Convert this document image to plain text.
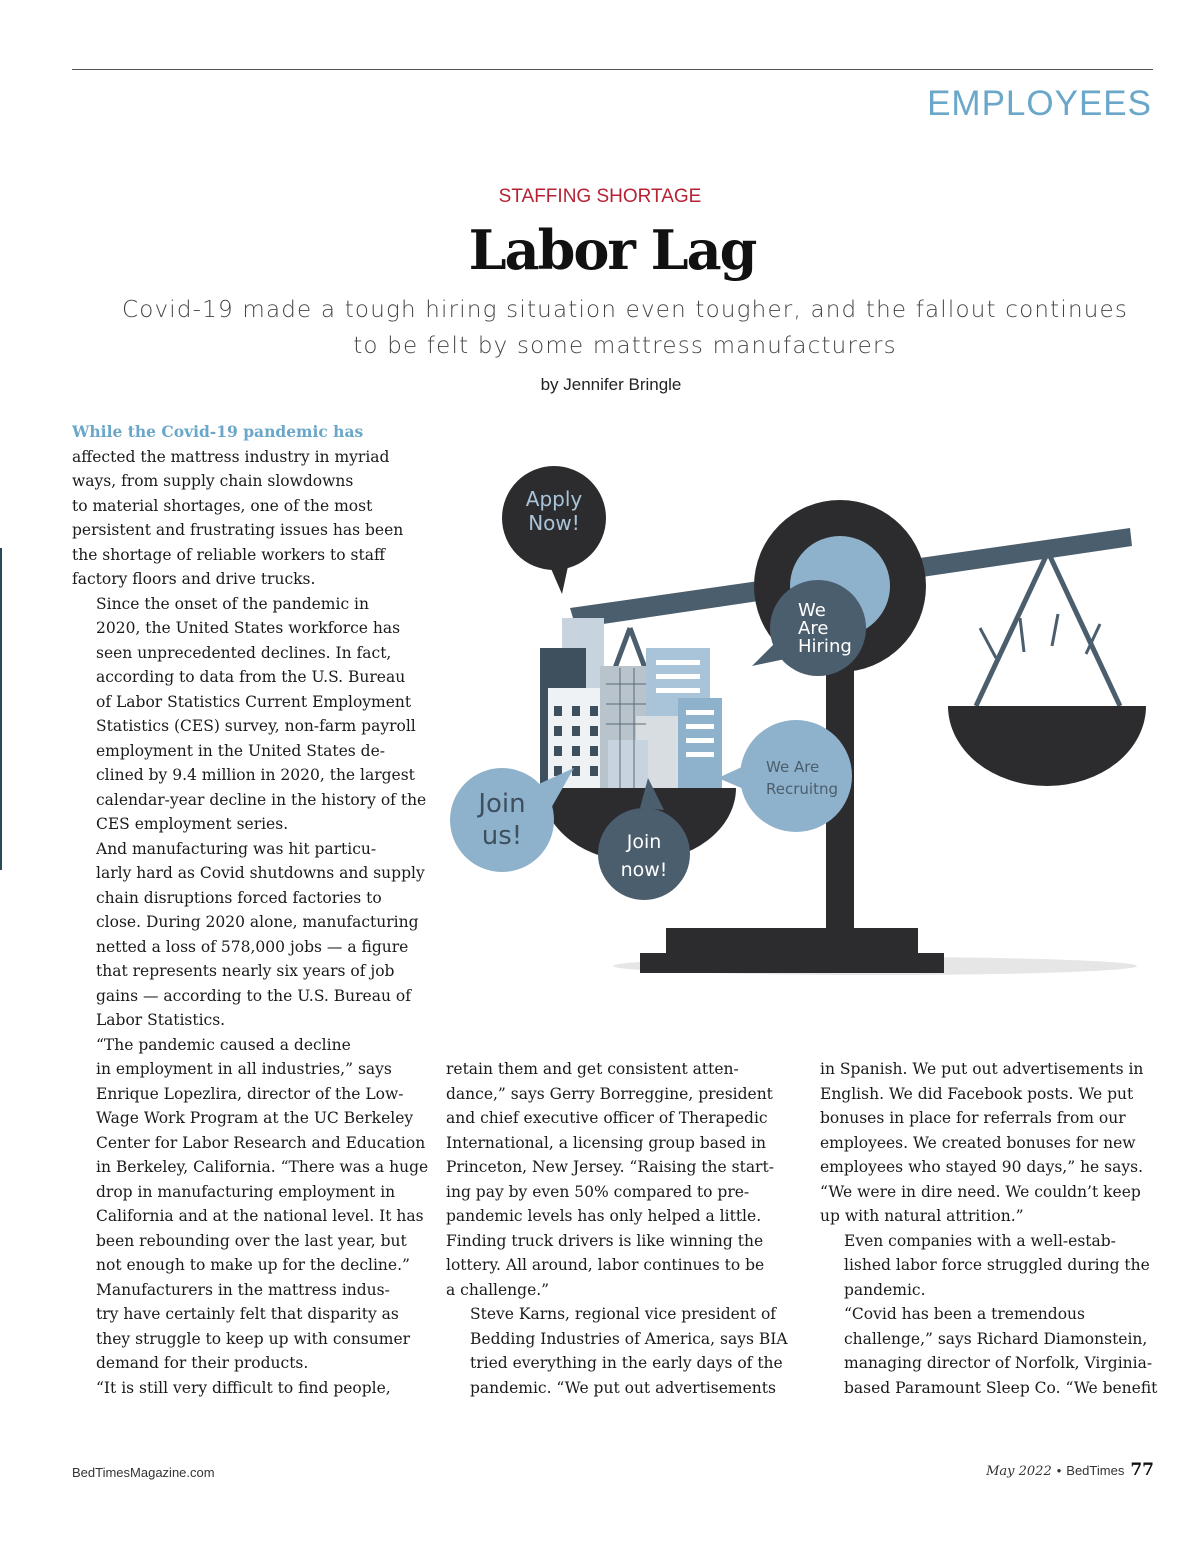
EMPLOYEES
STAFFING SHORTAGE
Labor Lag
Covid-19 made a tough hiring situation even tougher, and the fallout continues
to be felt by some mattress manufacturers
by Jennifer Bringle
Apply
Now!
We
Are
Hiring
We Are
Recruitng
Join
us!	Join
now!

While the Covid-19 pandemic has
affected the mattress industry in myriad
ways, from supply chain slowdowns
to material shortages, one of the most
persistent and frustrating issues has been
the shortage of reliable workers to staff
factory floors and drive trucks.

Since the onset of the pandemic in
2020, the United States workforce has
seen unprecedented declines. In fact,
according to data from the U.S. Bureau
of Labor Statistics Current Employment
Statistics (CES) survey, non-farm payroll
employment in the United States de-
clined by 9.4 million in 2020, the largest
calendar-year decline in the history of the
CES employment series.

And manufacturing was hit particu-
larly hard as Covid shutdowns and supply
chain disruptions forced factories to
close. During 2020 alone, manufacturing
netted a loss of 578,000 jobs — a figure
that represents nearly six years of job
gains — according to the U.S. Bureau of
Labor Statistics.

“The pandemic caused a decline
in employment in all industries,” says
Enrique Lopezlira, director of the Low-
Wage Work Program at the UC Berkeley
Center for Labor Research and Education
in Berkeley, California. “There was a huge
drop in manufacturing employment in
California and at the national level. It has
been rebounding over the last year, but
not enough to make up for the decline.”

Manufacturers in the mattress indus-
try have certainly felt that disparity as
they struggle to keep up with consumer
demand for their products.

“It is still very difficult to find people,

retain them and get consistent atten-
dance,” says Gerry Borreggine, president
and chief executive officer of Therapedic
International, a licensing group based in
Princeton, New Jersey. “Raising the start-
ing pay by even 50% compared to pre-
pandemic levels has only helped a little.
Finding truck drivers is like winning the
lottery. All around, labor continues to be
a challenge.”

Steve Karns, regional vice president of
Bedding Industries of America, says BIA
tried everything in the early days of the
pandemic. “We put out advertisements

in Spanish. We put out advertisements in
English. We did Facebook posts. We put
bonuses in place for referrals from our
employees. We created bonuses for new
employees who stayed 90 days,” he says.
“We were in dire need. We couldn’t keep
up with natural attrition.”

Even companies with a well-estab-
lished labor force struggled during the
pandemic.

“Covid has been a tremendous
challenge,” says Richard Diamonstein,
managing director of Norfolk, Virginia-
based Paramount Sleep Co. “We benefit

BedTimesMagazine.com	May 2022 • BedTimes 77
